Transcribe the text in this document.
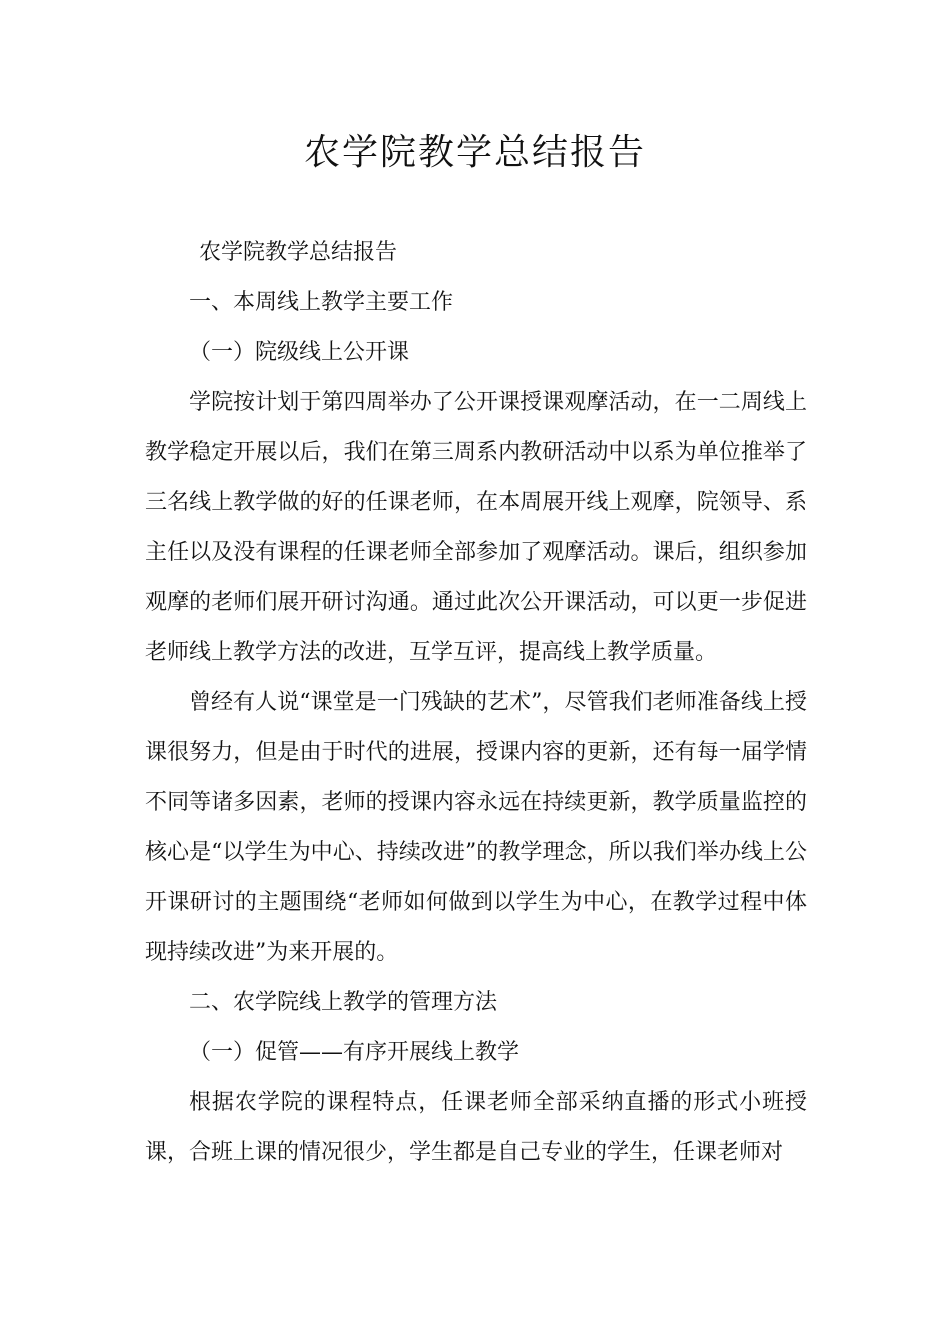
农学院教学总结报告

农学院教学总结报告

一、本周线上教学主要工作

（一）院级线上公开课

学院按计划于第四周举办了公开课授课观摩活动，在一二周线上教学稳定开展以后，我们在第三周系内教研活动中以系为单位推举了三名线上教学做的好的任课老师，在本周展开线上观摩，院领导、系主任以及没有课程的任课老师全部参加了观摩活动。课后，组织参加观摩的老师们展开研讨沟通。通过此次公开课活动，可以更一步促进老师线上教学方法的改进，互学互评，提高线上教学质量。

曾经有人说“课堂是一门残缺的艺术”，尽管我们老师准备线上授课很努力，但是由于时代的进展，授课内容的更新，还有每一届学情不同等诸多因素，老师的授课内容永远在持续更新，教学质量监控的核心是“以学生为中心、持续改进”的教学理念，所以我们举办线上公开课研讨的主题围绕“老师如何做到以学生为中心，在教学过程中体现持续改进”为来开展的。

二、农学院线上教学的管理方法

（一）促管——有序开展线上教学

根据农学院的课程特点，任课老师全部采纳直播的形式小班授课，合班上课的情况很少，学生都是自己专业的学生，任课老师对
